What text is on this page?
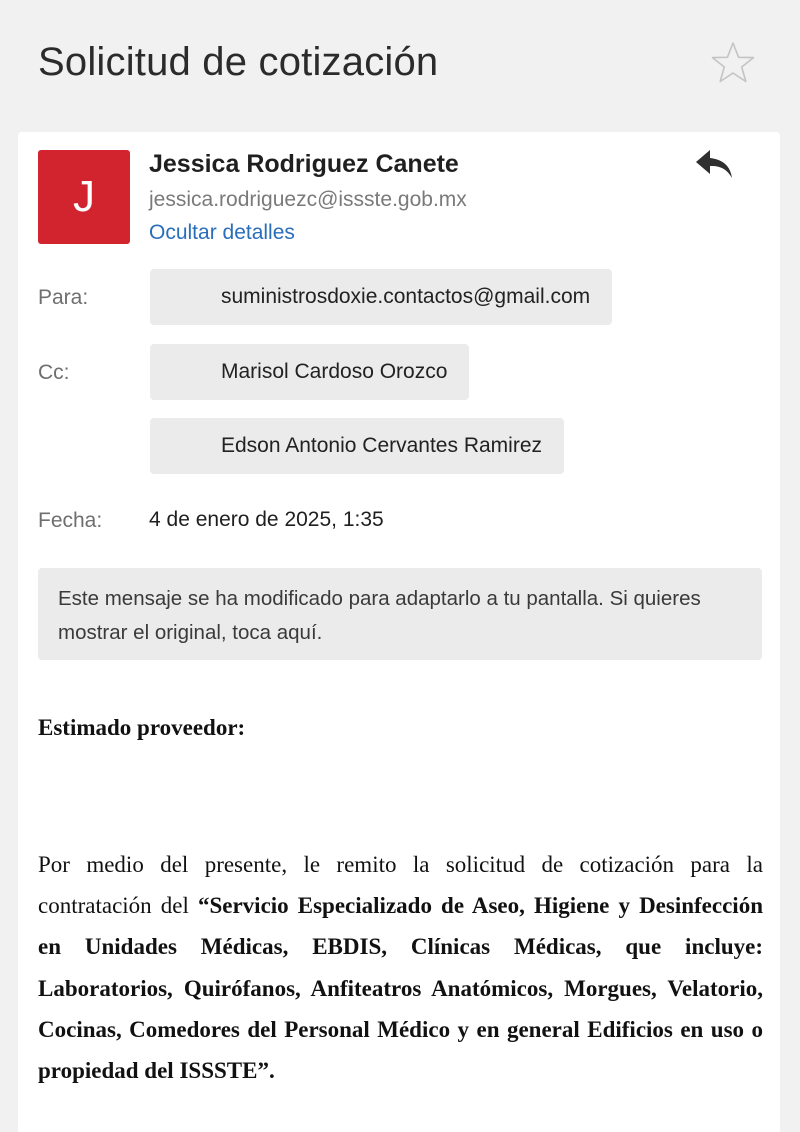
Solicitud de cotización
J
Jessica Rodriguez Canete
jessica.rodriguezc@issste.gob.mx
Ocultar detalles
Para:	suministrosdoxie.contactos@gmail.com
Cc:	Marisol Cardoso Orozco
Edson Antonio Cervantes Ramirez
Fecha: 4 de enero de 2025, 1:35
Este mensaje se ha modificado para adaptarlo a tu pantalla. Si quieres mostrar el original, toca aquí.
Estimado proveedor:
Por medio del presente, le remito la solicitud de cotización para la contratación del “Servicio Especializado de Aseo, Higiene y Desinfección en Unidades Médicas, EBDIS, Clínicas Médicas, que incluye: Laboratorios, Quirófanos, Anfiteatros Anatómicos, Morgues, Velatorio, Cocinas, Comedores del Personal Médico y en general Edificios en uso o propiedad del ISSSTE”.
